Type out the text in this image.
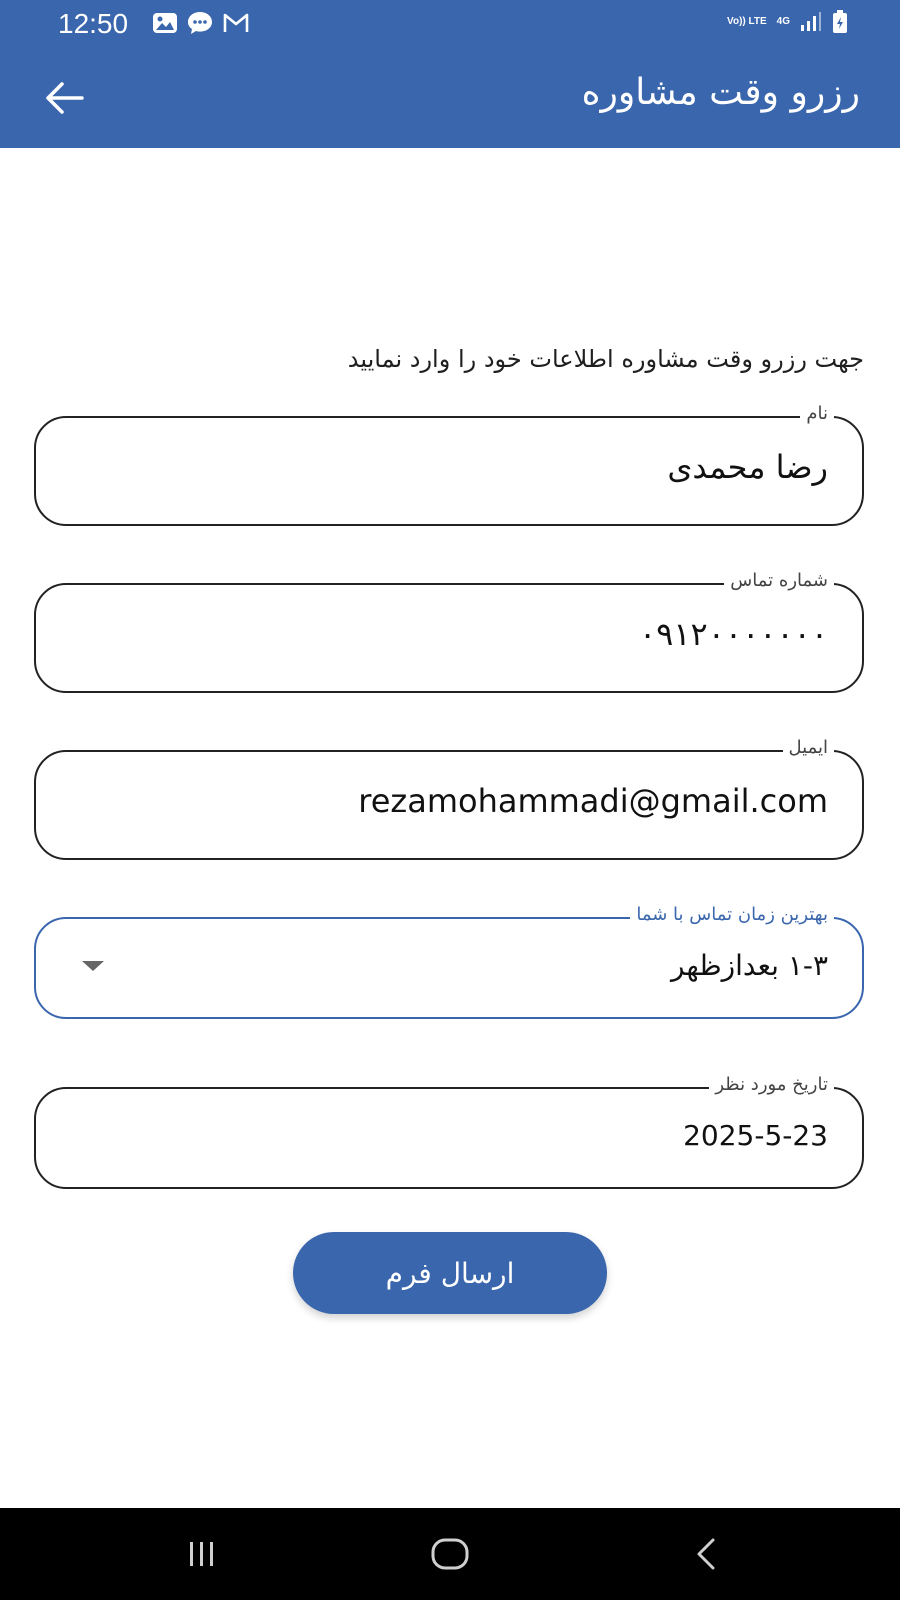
12:50	Vo)) LTE 4G
رزرو وقت مشاوره
جهت رزرو وقت مشاوره اطلاعات خود را وارد نمایید
نام
رضا محمدی
شماره تماس
۰۹۱۲۰۰۰۰۰۰۰
ایمیل
rezamohammadi@gmail.com
بهترین زمان تماس با شما
۱-۳ بعدازظهر
تاریخ مورد نظر
2025-5-23
ارسال فرم
